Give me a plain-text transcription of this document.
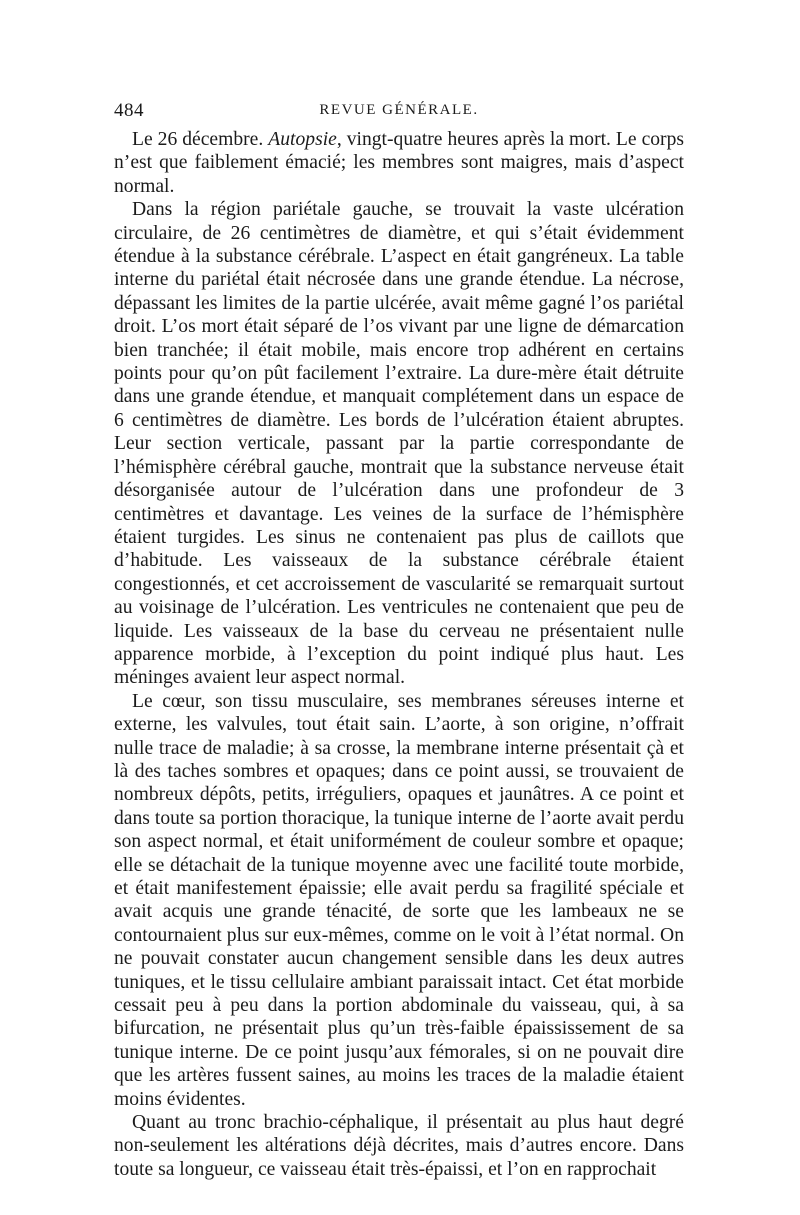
484	REVUE GÉNÉRALE.

Le 26 décembre. Autopsie, vingt-quatre heures après la mort. Le corps n’est que faiblement émacié; les membres sont maigres, mais d’aspect normal.

Dans la région pariétale gauche, se trouvait la vaste ulcération circulaire, de 26 centimètres de diamètre, et qui s’était évidemment étendue à la substance cérébrale. L’aspect en était gangréneux. La table interne du pariétal était nécrosée dans une grande étendue. La nécrose, dépassant les limites de la partie ulcérée, avait même gagné l’os pariétal droit. L’os mort était séparé de l’os vivant par une ligne de démarcation bien tranchée; il était mobile, mais encore trop adhérent en certains points pour qu’on pût facilement l’extraire. La dure-mère était détruite dans une grande étendue, et manquait complétement dans un espace de 6 centimètres de diamètre. Les bords de l’ulcération étaient abruptes. Leur section verticale, passant par la partie correspondante de l’hémisphère cérébral gauche, montrait que la substance nerveuse était désorganisée autour de l’ulcération dans une profondeur de 3 centimètres et davantage. Les veines de la surface de l’hémisphère étaient turgides. Les sinus ne contenaient pas plus de caillots que d’habitude. Les vaisseaux de la substance cérébrale étaient congestionnés, et cet accroissement de vascularité se remarquait surtout au voisinage de l’ulcération. Les ventricules ne contenaient que peu de liquide. Les vaisseaux de la base du cerveau ne présentaient nulle apparence morbide, à l’exception du point indiqué plus haut. Les méninges avaient leur aspect normal.

Le cœur, son tissu musculaire, ses membranes séreuses interne et externe, les valvules, tout était sain. L’aorte, à son origine, n’offrait nulle trace de maladie; à sa crosse, la membrane interne présentait çà et là des taches sombres et opaques; dans ce point aussi, se trouvaient de nombreux dépôts, petits, irréguliers, opaques et jaunâtres. A ce point et dans toute sa portion thoracique, la tunique interne de l’aorte avait perdu son aspect normal, et était uniformément de couleur sombre et opaque; elle se détachait de la tunique moyenne avec une facilité toute morbide, et était manifestement épaissie; elle avait perdu sa fragilité spéciale et avait acquis une grande ténacité, de sorte que les lambeaux ne se contournaient plus sur eux-mêmes, comme on le voit à l’état normal. On ne pouvait constater aucun changement sensible dans les deux autres tuniques, et le tissu cellulaire ambiant paraissait intact. Cet état morbide cessait peu à peu dans la portion abdominale du vaisseau, qui, à sa bifurcation, ne présentait plus qu’un très-faible épaississement de sa tunique interne. De ce point jusqu’aux fémorales, si on ne pouvait dire que les artères fussent saines, au moins les traces de la maladie étaient moins évidentes.

Quant au tronc brachio-céphalique, il présentait au plus haut degré non-seulement les altérations déjà décrites, mais d’autres encore. Dans toute sa longueur, ce vaisseau était très-épaissi, et l’on en rapprochait
